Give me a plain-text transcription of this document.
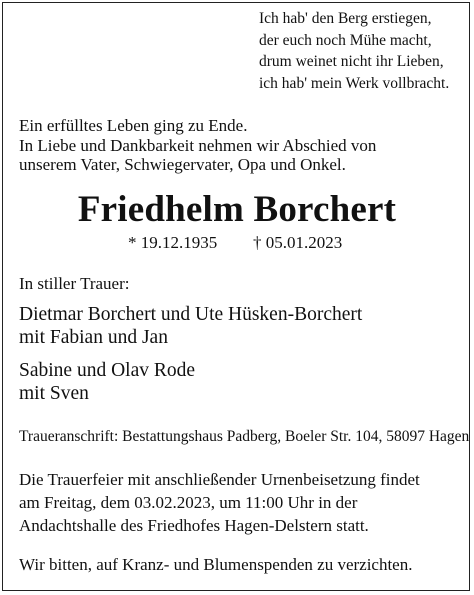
Ich hab' den Berg erstiegen,
der euch noch Mühe macht,
drum weinet nicht ihr Lieben,
ich hab' mein Werk vollbracht.
Ein erfülltes Leben ging zu Ende.
In Liebe und Dankbarkeit nehmen wir Abschied von
unserem Vater, Schwiegervater, Opa und Onkel.
Friedhelm Borchert
* 19.12.1935 † 05.01.2023
In stiller Trauer:
Dietmar Borchert und Ute Hüsken-Borchert
mit Fabian und Jan
Sabine und Olav Rode
mit Sven
Traueranschrift: Bestattungshaus Padberg, Boeler Str. 104, 58097 Hagen
Die Trauerfeier mit anschließender Urnenbeisetzung findet
am Freitag, dem 03.02.2023, um 11:00 Uhr in der
Andachtshalle des Friedhofes Hagen-Delstern statt.
Wir bitten, auf Kranz- und Blumenspenden zu verzichten.
